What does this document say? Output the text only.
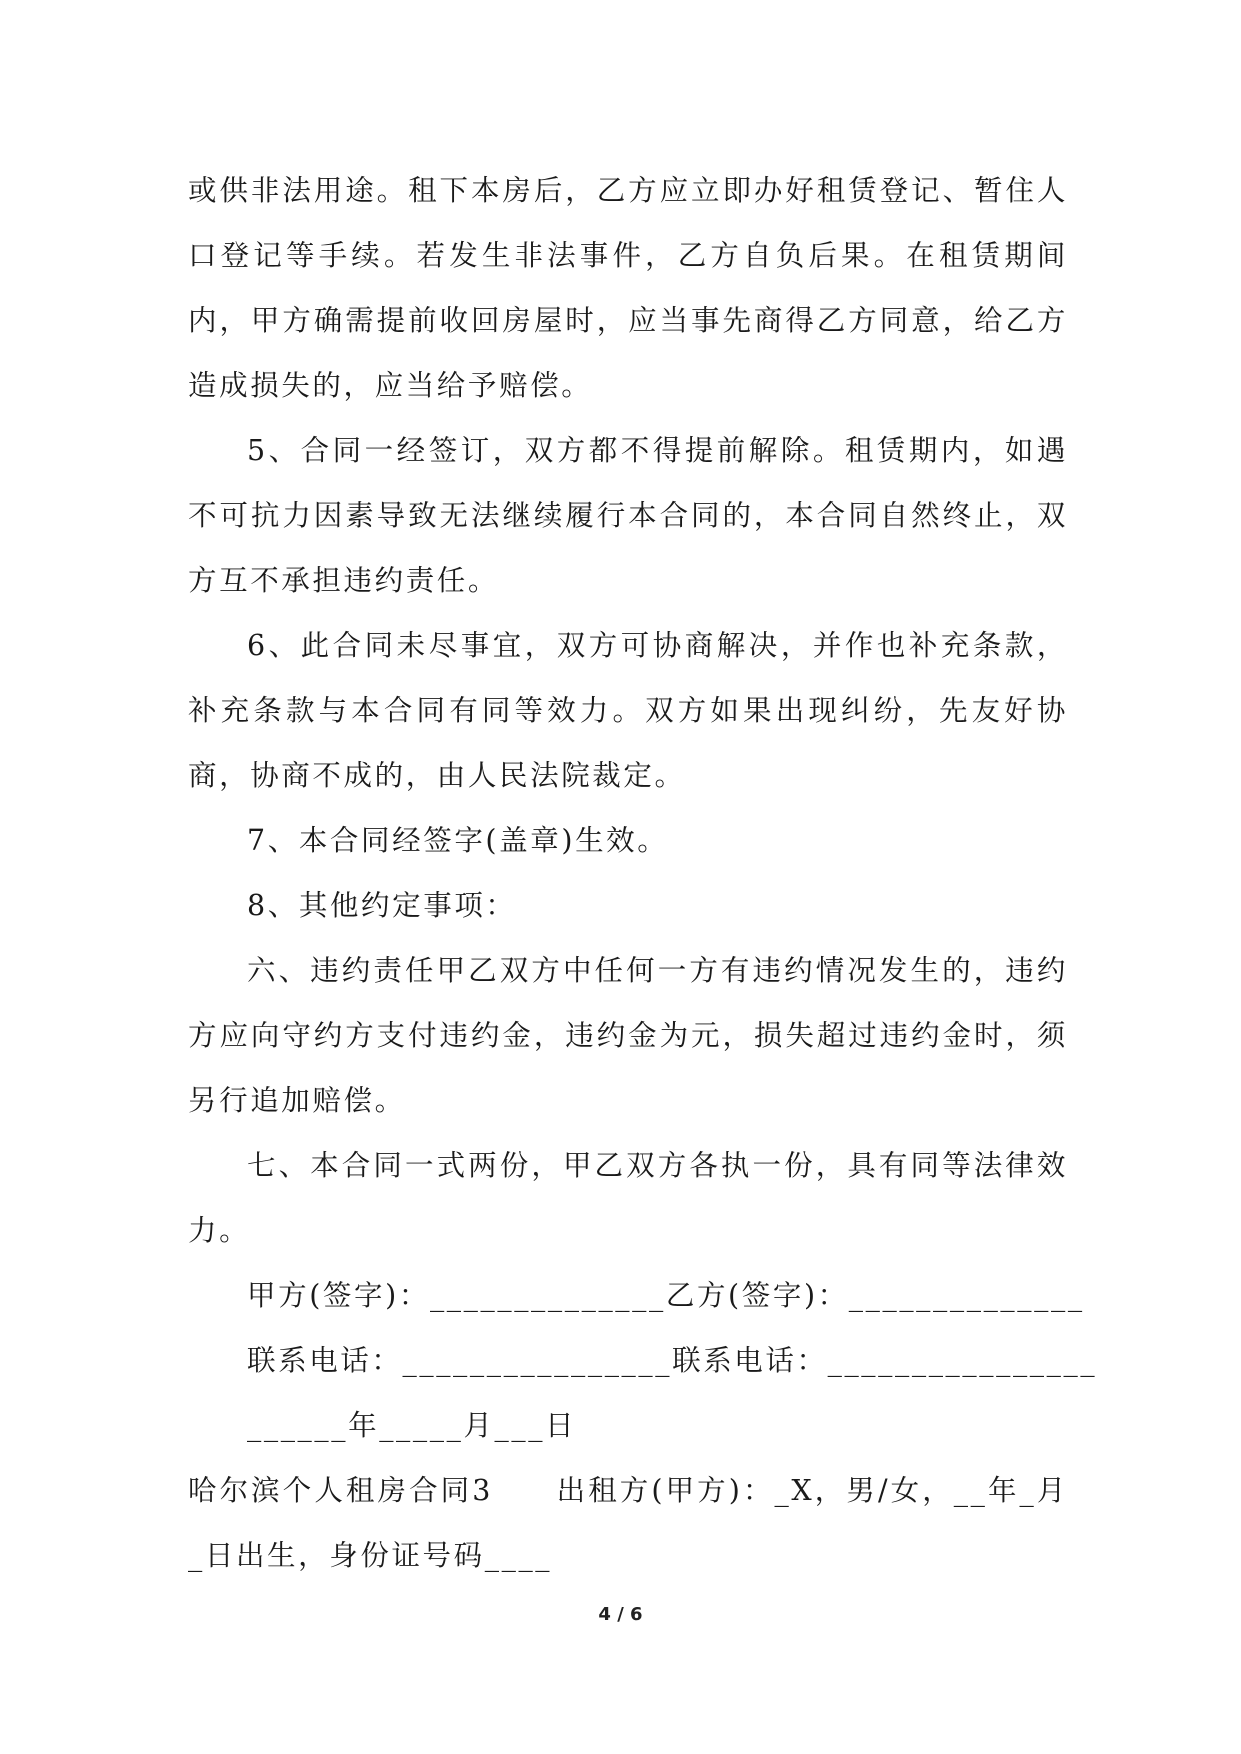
或供非法用途。租下本房后，乙方应立即办好租赁登记、暂住人口登记等手续。若发生非法事件，乙方自负后果。在租赁期间内，甲方确需提前收回房屋时，应当事先商得乙方同意，给乙方造成损失的，应当给予赔偿。

5、合同一经签订，双方都不得提前解除。租赁期内，如遇不可抗力因素导致无法继续履行本合同的，本合同自然终止，双方互不承担违约责任。

6、此合同未尽事宜，双方可协商解决，并作也补充条款，补充条款与本合同有同等效力。双方如果出现纠纷，先友好协商，协商不成的，由人民法院裁定。

7、本合同经签字(盖章)生效。

8、其他约定事项：

六、违约责任甲乙双方中任何一方有违约情况发生的，违约方应向守约方支付违约金，违约金为元，损失超过违约金时，须另行追加赔偿。

七、本合同一式两份，甲乙双方各执一份，具有同等法律效力。

甲方(签字)：______________乙方(签字)：______________

联系电话：________________联系电话：________________

______年_____月___日

哈尔滨个人租房合同3　　出租方(甲方)：_X，男/女，__年_月_日出生，身份证号码____

4 / 6
